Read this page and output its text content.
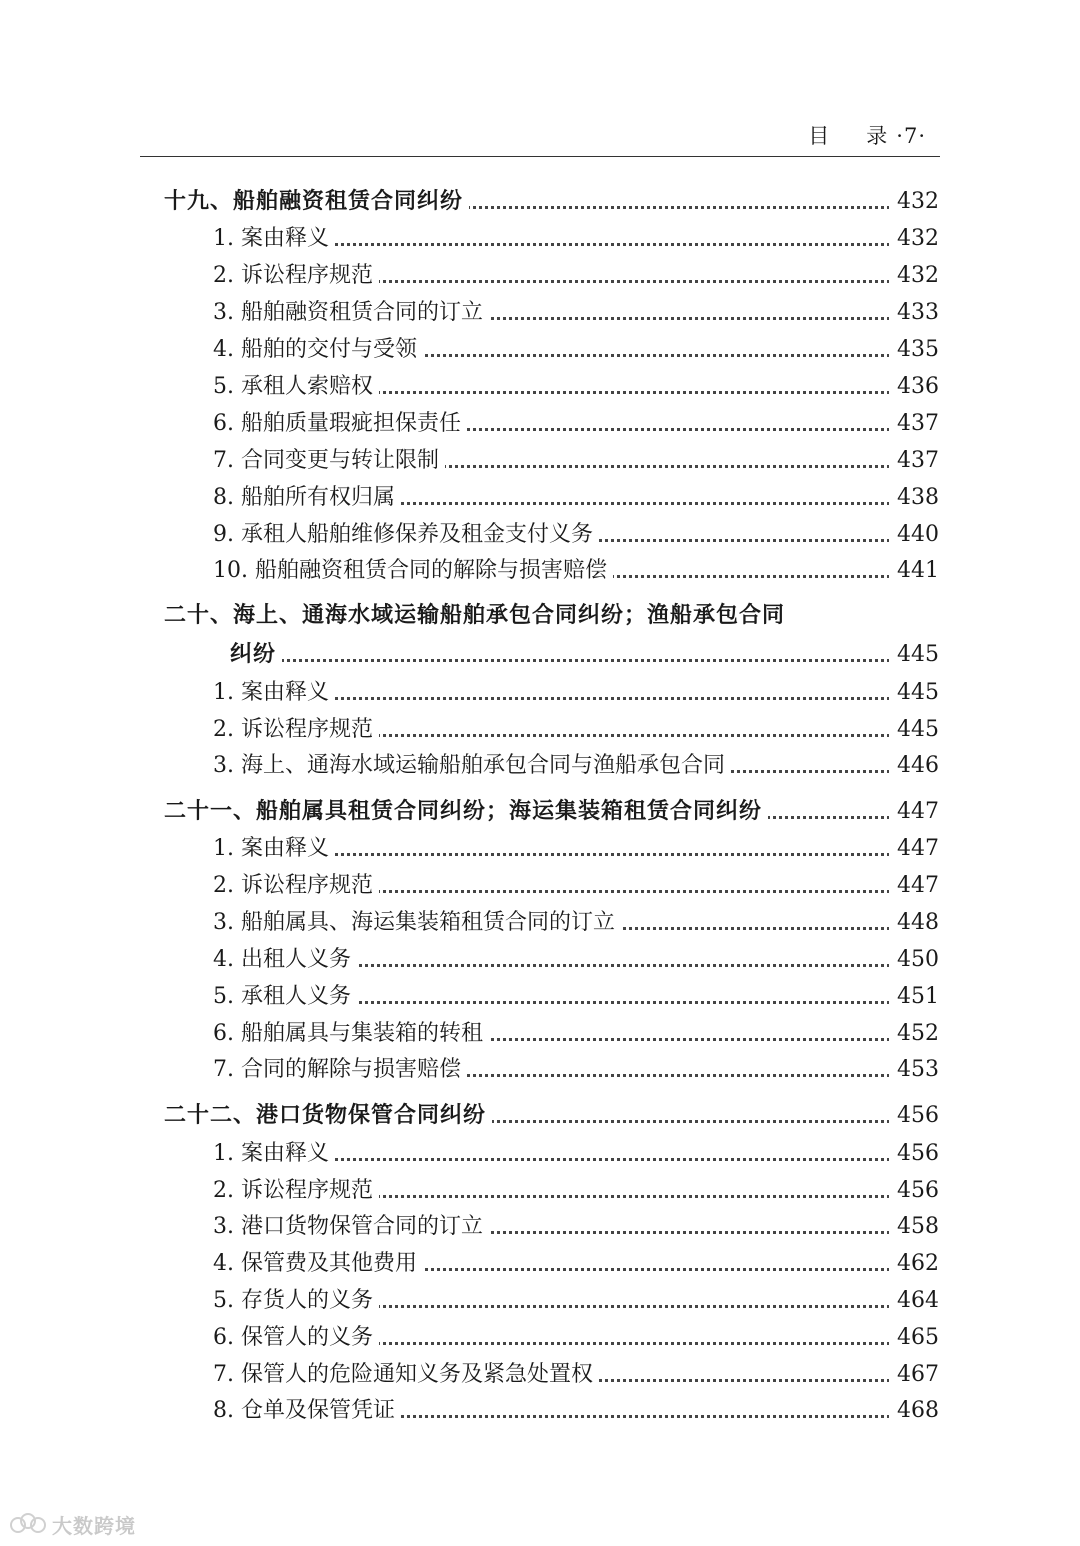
目 录 ·7·
十九、船舶融资租赁合同纠纷	432
1. 案由释义	432
2. 诉讼程序规范	432
3. 船舶融资租赁合同的订立	433
4. 船舶的交付与受领	435
5. 承租人索赔权	436
6. 船舶质量瑕疵担保责任	437
7. 合同变更与转让限制	437
8. 船舶所有权归属	438
9. 承租人船舶维修保养及租金支付义务	440
10. 船舶融资租赁合同的解除与损害赔偿	441
二十、海上、通海水域运输船舶承包合同纠纷；渔船承包合同
纠纷	445
1. 案由释义	445
2. 诉讼程序规范	445
3. 海上、通海水域运输船舶承包合同与渔船承包合同	446
二十一、船舶属具租赁合同纠纷；海运集装箱租赁合同纠纷	447
1. 案由释义	447
2. 诉讼程序规范	447
3. 船舶属具、海运集装箱租赁合同的订立	448
4. 出租人义务	450
5. 承租人义务	451
6. 船舶属具与集装箱的转租	452
7. 合同的解除与损害赔偿	453
二十二、港口货物保管合同纠纷	456
1. 案由释义	456
2. 诉讼程序规范	456
3. 港口货物保管合同的订立	458
4. 保管费及其他费用	462
5. 存货人的义务	464
6. 保管人的义务	465
7. 保管人的危险通知义务及紧急处置权	467
8. 仓单及保管凭证	468
大数跨境
